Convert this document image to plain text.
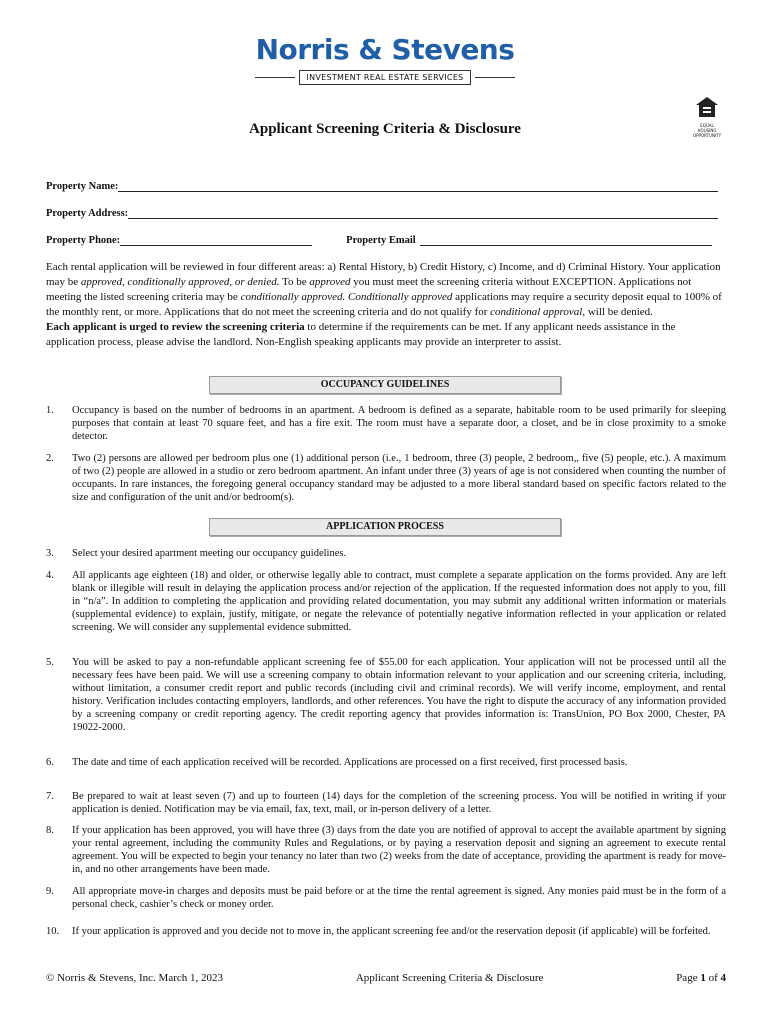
Norris & Stevens
INVESTMENT REAL ESTATE SERVICES
EQUAL HOUSING OPPORTUNITY
Applicant Screening Criteria & Disclosure
Property Name:
Property Address:
Property Phone:	Property Email

Each rental application will be reviewed in four different areas: a) Rental History, b) Credit History, c) Income, and d) Criminal History. Your application may be approved, conditionally approved, or denied. To be approved you must meet the screening criteria without EXCEPTION. Applications not meeting the listed screening criteria may be conditionally approved. Conditionally approved applications may require a security deposit equal to 100% of the monthly rent, or more. Applications that do not meet the screening criteria and do not qualify for conditional approval, will be denied.

Each applicant is urged to review the screening criteria to determine if the requirements can be met. If any applicant needs assistance in the application process, please advise the landlord. Non-English speaking applicants may provide an interpreter to assist.

OCCUPANCY GUIDELINES
1.	Occupancy is based on the number of bedrooms in an apartment. A bedroom is defined as a separate, habitable room to be used primarily for sleeping purposes that contain at least 70 square feet, and has a fire exit. The room must have a separate door, a closet, and be in close proximity to a smoke detector.
2.	Two (2) persons are allowed per bedroom plus one (1) additional person (i.e., 1 bedroom, three (3) people, 2 bedroom,, five (5) people, etc.). A maximum of two (2) people are allowed in a studio or zero bedroom apartment. An infant under three (3) years of age is not considered when counting the number of occupants. In rare instances, the foregoing general occupancy standard may be adjusted to a more liberal standard based on specific factors related to the size and configuration of the unit and/or bedroom(s).
APPLICATION PROCESS
3.	Select your desired apartment meeting our occupancy guidelines.
4.	All applicants age eighteen (18) and older, or otherwise legally able to contract, must complete a separate application on the forms provided. Any are left blank or illegible will result in delaying the application process and/or rejection of the application. If the requested information does not apply to you, fill in “n/a”. In addition to completing the application and providing related documentation, you may submit any additional written information or materials (supplemental evidence) to explain, justify, mitigate, or negate the relevance of potentially negative information reflected in your application or related screening. We will consider any supplemental evidence submitted.
5.	You will be asked to pay a non-refundable applicant screening fee of $55.00 for each application. Your application will not be processed until all the necessary fees have been paid. We will use a screening company to obtain information relevant to your application and our screening criteria, including, without limitation, a consumer credit report and public records (including civil and criminal records). We will verify income, employment, and rental history. Verification includes contacting employers, landlords, and other references. You have the right to dispute the accuracy of any information provided by a screening company or credit reporting agency. The credit reporting agency that provides information is: TransUnion, PO Box 2000, Chester, PA 19022-2000.
6.	The date and time of each application received will be recorded. Applications are processed on a first received, first processed basis.
7.	Be prepared to wait at least seven (7) and up to fourteen (14) days for the completion of the screening process. You will be notified in writing if your application is denied. Notification may be via email, fax, text, mail, or in-person delivery of a letter.
8.	If your application has been approved, you will have three (3) days from the date you are notified of approval to accept the available apartment by signing your rental agreement, including the community Rules and Regulations, or by paying a reservation deposit and signing an agreement to execute rental agreement. You will be expected to begin your tenancy no later than two (2) weeks from the date of acceptance, providing the apartment is ready for move-in, and no other arrangements have been made.
9.	All appropriate move-in charges and deposits must be paid before or at the time the rental agreement is signed. Any monies paid must be in the form of a personal check, cashier’s check or money order.
10.	If your application is approved and you decide not to move in, the applicant screening fee and/or the reservation deposit (if applicable) will be forfeited.
© Norris & Stevens, Inc. March 1, 2023	Applicant Screening Criteria & Disclosure	Page 1 of 4
